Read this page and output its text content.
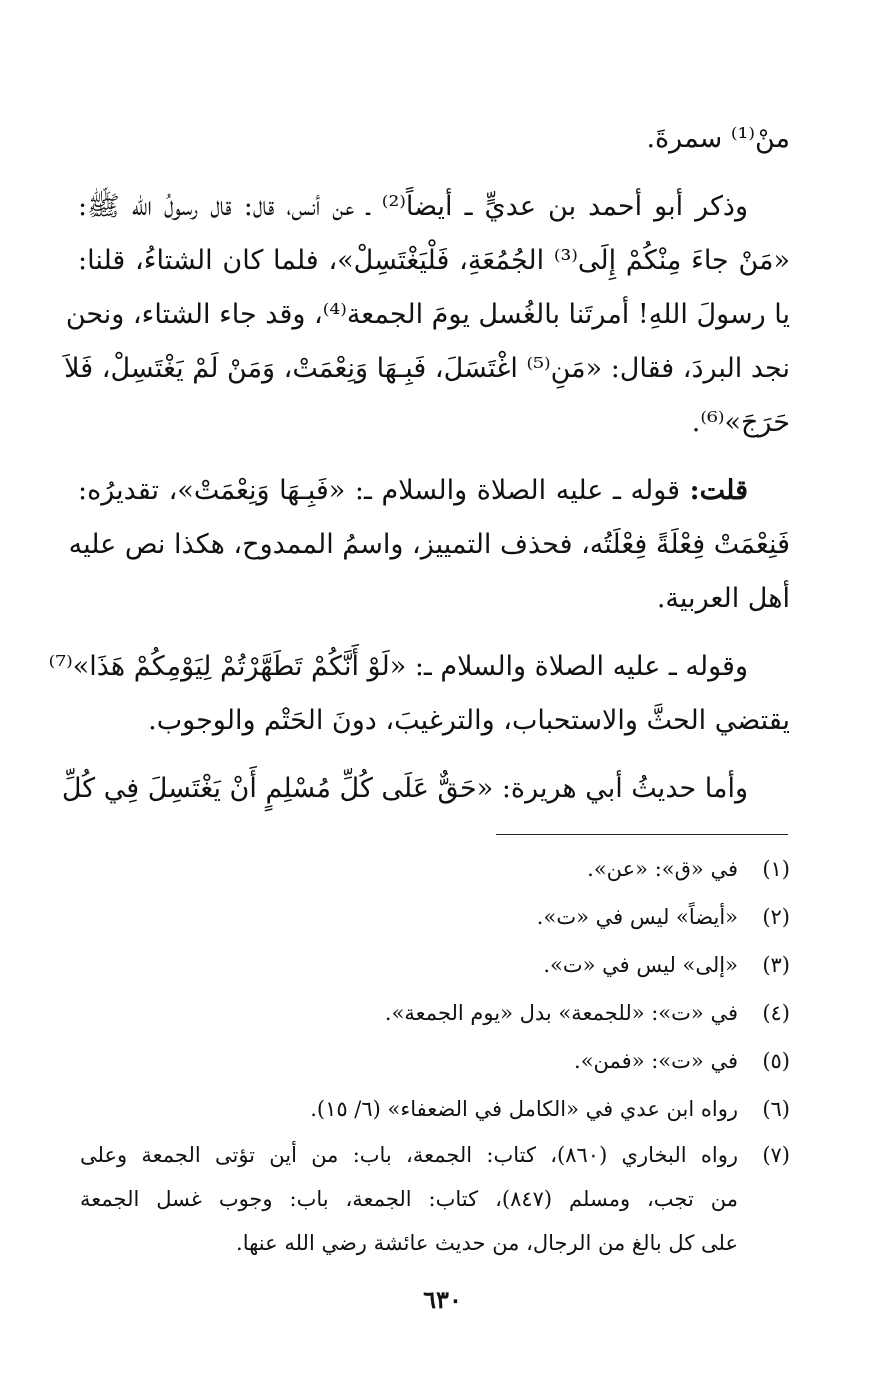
منْ⁽¹⁾ سمرةَ.
وذكر أبو أحمد بن عديٍّ ـ أيضاً⁽²⁾ ـ عن أنس، قال: قال رسولُ الله ﷺ:
«مَنْ جاءَ مِنْكُمْ إِلَى⁽³⁾ الجُمُعَةِ، فَلْيَغْتَسِلْ»، فلما كان الشتاءُ، قلنا:
يا رسولَ اللهِ! أمرتَنا بالغُسل يومَ الجمعة⁽⁴⁾، وقد جاء الشتاء، ونحن
نجد البردَ، فقال: «مَنِ⁽⁵⁾ اغْتَسَلَ، فَبِـهَا وَنِعْمَتْ، وَمَنْ لَمْ يَغْتَسِلْ، فَلاَ
حَرَجَ»⁽⁶⁾.
قلت: قوله ـ عليه الصلاة والسلام ـ: «فَبِـهَا وَنِعْمَتْ»، تقديرُه:
فَنِعْمَتْ فِعْلَةً فِعْلَتُه، فحذف التمييز، واسمُ الممدوح، هكذا نص عليه
أهل العربية.
وقوله ـ عليه الصلاة والسلام ـ: «لَوْ أَنَّكُمْ تَطَهَّرْتُمْ لِيَوْمِكُمْ هَذَا»⁽⁷⁾
يقتضي الحثَّ والاستحباب، والترغيبَ، دونَ الحَتْم والوجوب.
وأما حديثُ أبي هريرة: «حَقٌّ عَلَى كُلِّ مُسْلِمٍ أَنْ يَغْتَسِلَ فِي كُلِّ
(١)في «ق»: «عن».
(٢)«أيضاً» ليس في «ت».
(٣)«إلى» ليس في «ت».
(٤)في «ت»: «للجمعة» بدل «يوم الجمعة».
(٥)في «ت»: «فمن».
(٦)رواه ابن عدي في «الكامل في الضعفاء» (٦/ ١٥).
(٧)
رواه البخاري (٨٦٠)، كتاب: الجمعة، باب: من أين تؤتى الجمعة وعلى
من تجب، ومسلم (٨٤٧)، كتاب: الجمعة، باب: وجوب غسل الجمعة
على كل بالغ من الرجال، من حديث عائشة رضي الله عنها.
٦٣٠
